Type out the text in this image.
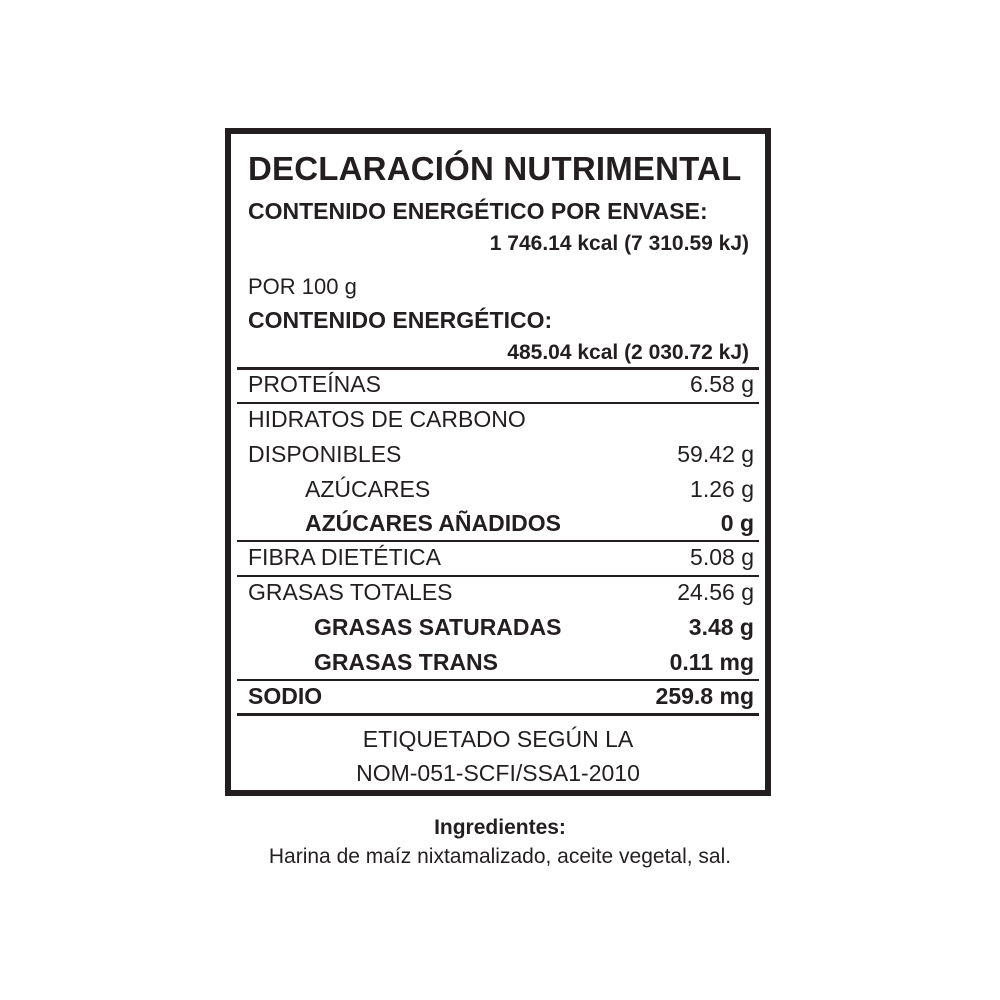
DECLARACIÓN NUTRIMENTAL
CONTENIDO ENERGÉTICO POR ENVASE:
1 746.14 kcal (7 310.59 kJ)
POR 100 g
CONTENIDO ENERGÉTICO:
485.04 kcal (2 030.72 kJ)
PROTEÍNAS	6.58 g
HIDRATOS DE CARBONO
DISPONIBLES	59.42 g
AZÚCARES	1.26 g
AZÚCARES AÑADIDOS	0 g
FIBRA DIETÉTICA	5.08 g
GRASAS TOTALES	24.56 g
GRASAS SATURADAS	3.48 g
GRASAS TRANS	0.11 mg
SODIO	259.8 mg
ETIQUETADO SEGÚN LA
NOM-051-SCFI/SSA1-2010
Ingredientes:
Harina de maíz nixtamalizado, aceite vegetal, sal.
